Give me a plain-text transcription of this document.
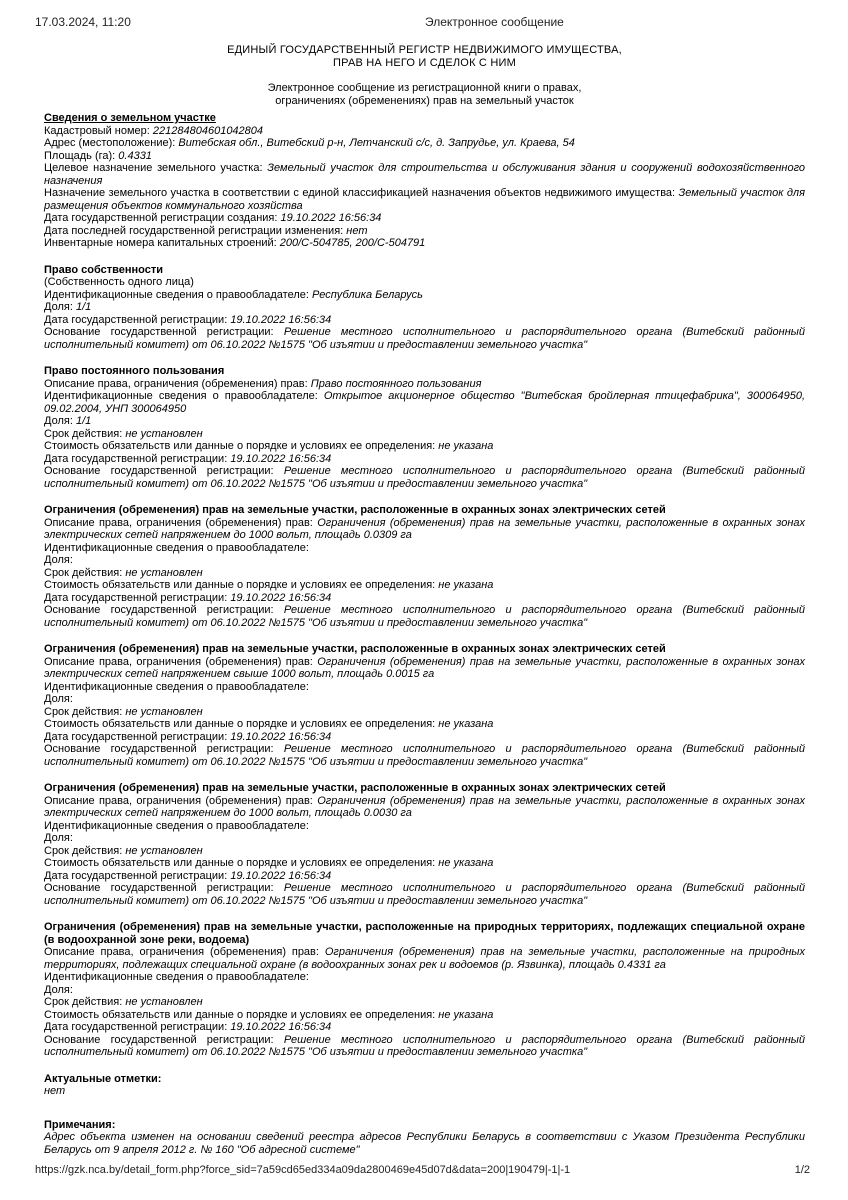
17.03.2024, 11:20	Электронное сообщение
ЕДИНЫЙ ГОСУДАРСТВЕННЫЙ РЕГИСТР НЕДВИЖИМОГО ИМУЩЕСТВА,
ПРАВ НА НЕГО И СДЕЛОК С НИМ
Электронное сообщение из регистрационной книги о правах,
ограничениях (обременениях) прав на земельный участок
Сведения о земельном участке
Кадастровый номер: 221284804601042804
Адрес (местоположение): Витебская обл., Витебский р-н, Летчанский с/с, д. Запрудье, ул. Краева, 54
Площадь (га): 0.4331
Целевое назначение земельного участка: Земельный участок для строительства и обслуживания здания и сооружений водохозяйственного назначения
Назначение земельного участка в соответствии с единой классификацией назначения объектов недвижимого имущества: Земельный участок для размещения объектов коммунального хозяйства
Дата государственной регистрации создания: 19.10.2022 16:56:34
Дата последней государственной регистрации изменения: нет
Инвентарные номера капитальных строений: 200/С-504785, 200/С-504791
Право собственности
(Собственность одного лица)
Идентификационные сведения о правообладателе: Республика Беларусь
Доля: 1/1
Дата государственной регистрации: 19.10.2022 16:56:34
Основание государственной регистрации: Решение местного исполнительного и распорядительного органа (Витебский районный исполнительный комитет) от 06.10.2022 №1575 "Об изъятии и предоставлении земельного участка"
Право постоянного пользования
Описание права, ограничения (обременения) прав: Право постоянного пользования
Идентификационные сведения о правообладателе: Открытое акционерное общество "Витебская бройлерная птицефабрика", 300064950, 09.02.2004, УНП 300064950
Доля: 1/1
Срок действия: не установлен
Стоимость обязательств или данные о порядке и условиях ее определения: не указана
Дата государственной регистрации: 19.10.2022 16:56:34
Основание государственной регистрации: Решение местного исполнительного и распорядительного органа (Витебский районный исполнительный комитет) от 06.10.2022 №1575 "Об изъятии и предоставлении земельного участка"
Ограничения (обременения) прав на земельные участки, расположенные в охранных зонах электрических сетей
Описание права, ограничения (обременения) прав: Ограничения (обременения) прав на земельные участки, расположенные в охранных зонах электрических сетей напряжением до 1000 вольт, площадь 0.0309 га
Идентификационные сведения о правообладателе:
Доля:
Срок действия: не установлен
Стоимость обязательств или данные о порядке и условиях ее определения: не указана
Дата государственной регистрации: 19.10.2022 16:56:34
Основание государственной регистрации: Решение местного исполнительного и распорядительного органа (Витебский районный исполнительный комитет) от 06.10.2022 №1575 "Об изъятии и предоставлении земельного участка"
Ограничения (обременения) прав на земельные участки, расположенные в охранных зонах электрических сетей
Описание права, ограничения (обременения) прав: Ограничения (обременения) прав на земельные участки, расположенные в охранных зонах электрических сетей напряжением свыше 1000 вольт, площадь 0.0015 га
Идентификационные сведения о правообладателе:
Доля:
Срок действия: не установлен
Стоимость обязательств или данные о порядке и условиях ее определения: не указана
Дата государственной регистрации: 19.10.2022 16:56:34
Основание государственной регистрации: Решение местного исполнительного и распорядительного органа (Витебский районный исполнительный комитет) от 06.10.2022 №1575 "Об изъятии и предоставлении земельного участка"
Ограничения (обременения) прав на земельные участки, расположенные в охранных зонах электрических сетей
Описание права, ограничения (обременения) прав: Ограничения (обременения) прав на земельные участки, расположенные в охранных зонах электрических сетей напряжением до 1000 вольт, площадь 0.0030 га
Идентификационные сведения о правообладателе:
Доля:
Срок действия: не установлен
Стоимость обязательств или данные о порядке и условиях ее определения: не указана
Дата государственной регистрации: 19.10.2022 16:56:34
Основание государственной регистрации: Решение местного исполнительного и распорядительного органа (Витебский районный исполнительный комитет) от 06.10.2022 №1575 "Об изъятии и предоставлении земельного участка"
Ограничения (обременения) прав на земельные участки, расположенные на природных территориях, подлежащих специальной охране (в водоохранной зоне реки, водоема)
Описание права, ограничения (обременения) прав: Ограничения (обременения) прав на земельные участки, расположенные на природных территориях, подлежащих специальной охране (в водоохранных зонах рек и водоемов (р. Язвинка), площадь 0.4331 га
Идентификационные сведения о правообладателе:
Доля:
Срок действия: не установлен
Стоимость обязательств или данные о порядке и условиях ее определения: не указана
Дата государственной регистрации: 19.10.2022 16:56:34
Основание государственной регистрации: Решение местного исполнительного и распорядительного органа (Витебский районный исполнительный комитет) от 06.10.2022 №1575 "Об изъятии и предоставлении земельного участка"
Актуальные отметки:
нет
Примечания:
Адрес объекта изменен на основании сведений реестра адресов Республики Беларусь в соответствии с Указом Президента Республики Беларусь от 9 апреля 2012 г. № 160 "Об адресной системе"
https://gzk.nca.by/detail_form.php?force_sid=7a59cd65ed334a09da2800469e45d07d&data=200|190479|-1|-1	1/2
